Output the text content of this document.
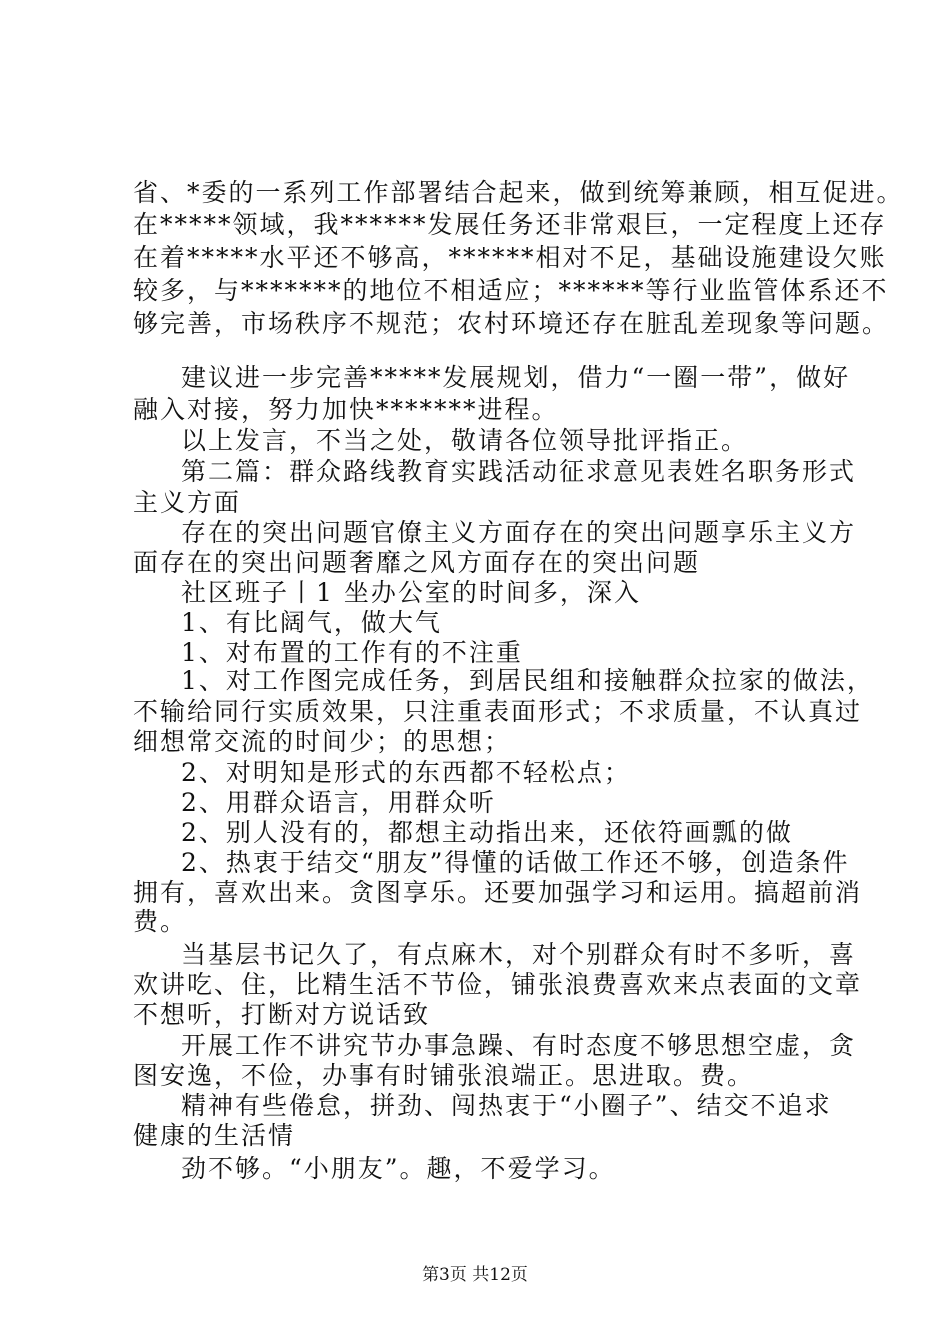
省、*委的一系列工作部署结合起来，做到统筹兼顾，相互促进。
在*****领域，我******发展任务还非常艰巨，一定程度上还存
在着*****水平还不够高，******相对不足，基础设施建设欠账
较多，与*******的地位不相适应；******等行业监管体系还不
够完善，市场秩序不规范；农村环境还存在脏乱差现象等问题。
建议进一步完善*****发展规划，借力“一圈一带”，做好
融入对接，努力加快*******进程。
以上发言，不当之处，敬请各位领导批评指正。
第二篇：群众路线教育实践活动征求意见表姓名职务形式
主义方面
存在的突出问题官僚主义方面存在的突出问题享乐主义方
面存在的突出问题奢靡之风方面存在的突出问题
社区班子丨1 坐办公室的时间多，深入
1、有比阔气，做大气
1、对布置的工作有的不注重
1、对工作图完成任务，到居民组和接触群众拉家的做法，
不输给同行实质效果，只注重表面形式；不求质量，不认真过
细想常交流的时间少；的思想；
2、对明知是形式的东西都不轻松点；
2、用群众语言，用群众听
2、别人没有的，都想主动指出来，还依符画瓢的做
2、热衷于结交“朋友”得懂的话做工作还不够，创造条件
拥有，喜欢出来。贪图享乐。还要加强学习和运用。搞超前消
费。
当基层书记久了，有点麻木，对个别群众有时不多听，喜
欢讲吃、住，比精生活不节俭，铺张浪费喜欢来点表面的文章
不想听，打断对方说话致
开展工作不讲究节办事急躁、有时态度不够思想空虚，贪
图安逸，不俭，办事有时铺张浪端正。思进取。费。
精神有些倦怠，拼劲、闯热衷于“小圈子”、结交不追求
健康的生活情
劲不够。“小朋友”。趣，不爱学习。
第3页 共12页
